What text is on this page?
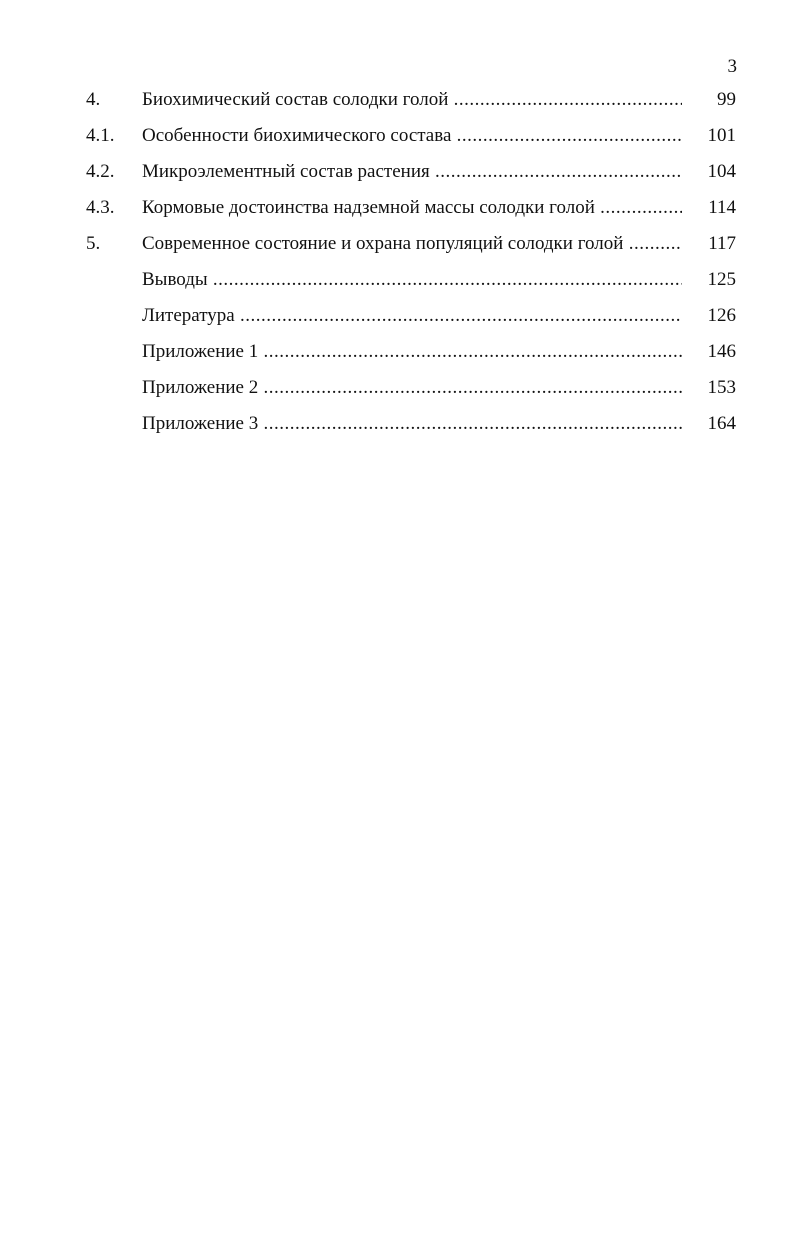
3
4.	Биохимический состав солодки голой .....	99
4.1.	Особенности биохимического состава .....	101
4.2.	Микроэлементный состав растения .....	104
4.3.	Кормовые достоинства надземной массы солодки голой .....	114
5.	Современное состояние и охрана популяций солодки голой .....	117
Выводы .....	125
Литература .....	126
Приложение 1 .....	146
Приложение 2 .....	153
Приложение 3 .....	164
